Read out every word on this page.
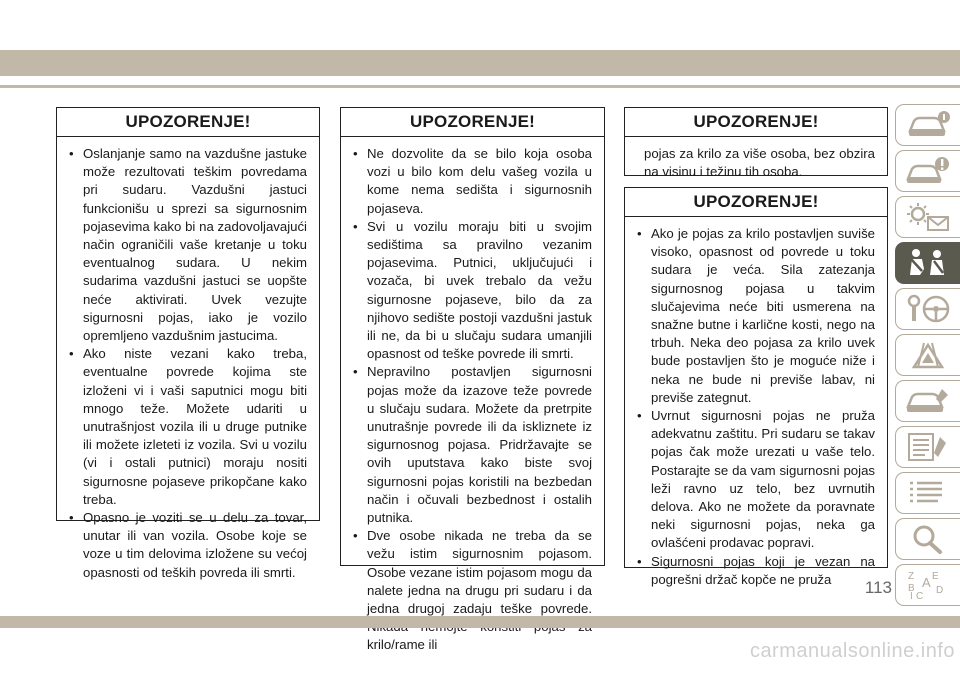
UPOZORENJE!
• Oslanjanje samo na vazdušne jastuke može rezultovati teškim povredama pri sudaru. Vazdušni jastuci funkcionišu u sprezi sa sigurnosnim pojasevima kako bi na zadovoljavajući način ograničili vaše kretanje u toku eventualnog sudara. U nekim sudarima vazdušni jastuci se uopšte neće aktivirati. Uvek vezujte sigurnosni pojas, iako je vozilo opremljeno vazdušnim jastucima.
• Ako niste vezani kako treba, eventualne povrede kojima ste izloženi vi i vaši saputnici mogu biti mnogo teže. Možete udariti u unutrašnjost vozila ili u druge putnike ili možete izleteti iz vozila. Svi u vozilu (vi i ostali putnici) moraju nositi sigurnosne pojaseve prikopčane kako treba.
• Opasno je voziti se u delu za tovar, unutar ili van vozila. Osobe koje se voze u tim delovima izložene su većoj opasnosti od teških povreda ili smrti.
UPOZORENJE!
• Ne dozvolite da se bilo koja osoba vozi u bilo kom delu vašeg vozila u kome nema sedišta i sigurnosnih pojaseva.
• Svi u vozilu moraju biti u svojim sedištima sa pravilno vezanim pojasevima. Putnici, uključujući i vozača, bi uvek trebalo da vežu sigurnosne pojaseve, bilo da za njihovo sedište postoji vazdušni jastuk ili ne, da bi u slučaju sudara umanjili opasnost od teške povrede ili smrti.
• Nepravilno postavljen sigurnosni pojas može da izazove teže povrede u slučaju sudara. Možete da pretrpite unutrašnje povrede ili da iskliznete iz sigurnosnog pojasa. Pridržavajte se ovih uputstava kako biste svoj sigurnosni pojas koristili na bezbedan način i očuvali bezbednost i ostalih putnika.
• Dve osobe nikada ne treba da se vežu istim sigurnosnim pojasom. Osobe vezane istim pojasom mogu da nalete jedna na drugu pri sudaru i da jedna drugoj zadaju teške povrede. krilo/rame ili
UPOZORENJE!

pojas za krilo za više osoba, bez obzira na visinu i težinu tih osoba.

UPOZORENJE!
• Ako je pojas za krilo postavljen suviše visoko, opasnost od povrede u toku sudara je veća. Sila zatezanja sigurnosnog pojasa u takvim slučajevima neće biti usmerena na snažne butne i karlične kosti, nego na trbuh. Neka deo pojasa za krilo uvek bude postavljen što je moguće niže i neka ne bude ni previše labav, ni previše zategnut.
• Uvrnut sigurnosni pojas ne pruža adekvatnu zaštitu. Pri sudaru se takav pojas čak može urezati u vaše telo. Postarajte se da vam sigurnosni pojas leži ravno uz telo, bez uvrnutih delova. Ako ne možete da poravnate neki sigurnosni pojas, neka ga ovlašćeni prodavac popravi.
• Sigurnosni pojas koji je vezan na pogrešni držač kopče ne pruža	Z E
A
B
C
D
I
113
carmanualsonline.info
